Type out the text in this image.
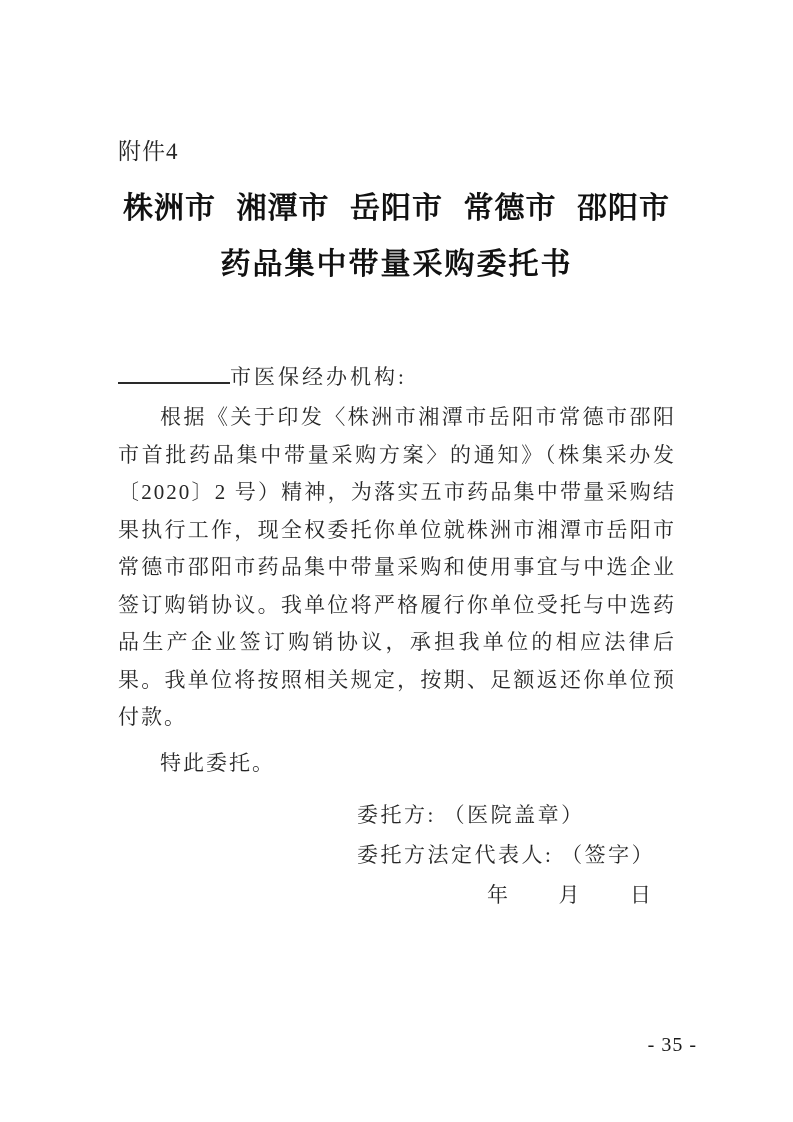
附件4
株洲市 湘潭市 岳阳市 常德市 邵阳市
药品集中带量采购委托书
市医保经办机构:

根据《关于印发〈株洲市湘潭市岳阳市常德市邵阳市首批药品集中带量采购方案〉的通知》（株集采办发〔2020〕2 号）精神，为落实五市药品集中带量采购结果执行工作，现全权委托你单位就株洲市湘潭市岳阳市常德市邵阳市药品集中带量采购和使用事宜与中选企业签订购销协议。我单位将严格履行你单位受托与中选药品生产企业签订购销协议，承担我单位的相应法律后果。我单位将按照相关规定，按期、足额返还你单位预付款。

特此委托。

委托方: （医院盖章）
委托方法定代表人: （签字）
年 月 日
- 35 -
